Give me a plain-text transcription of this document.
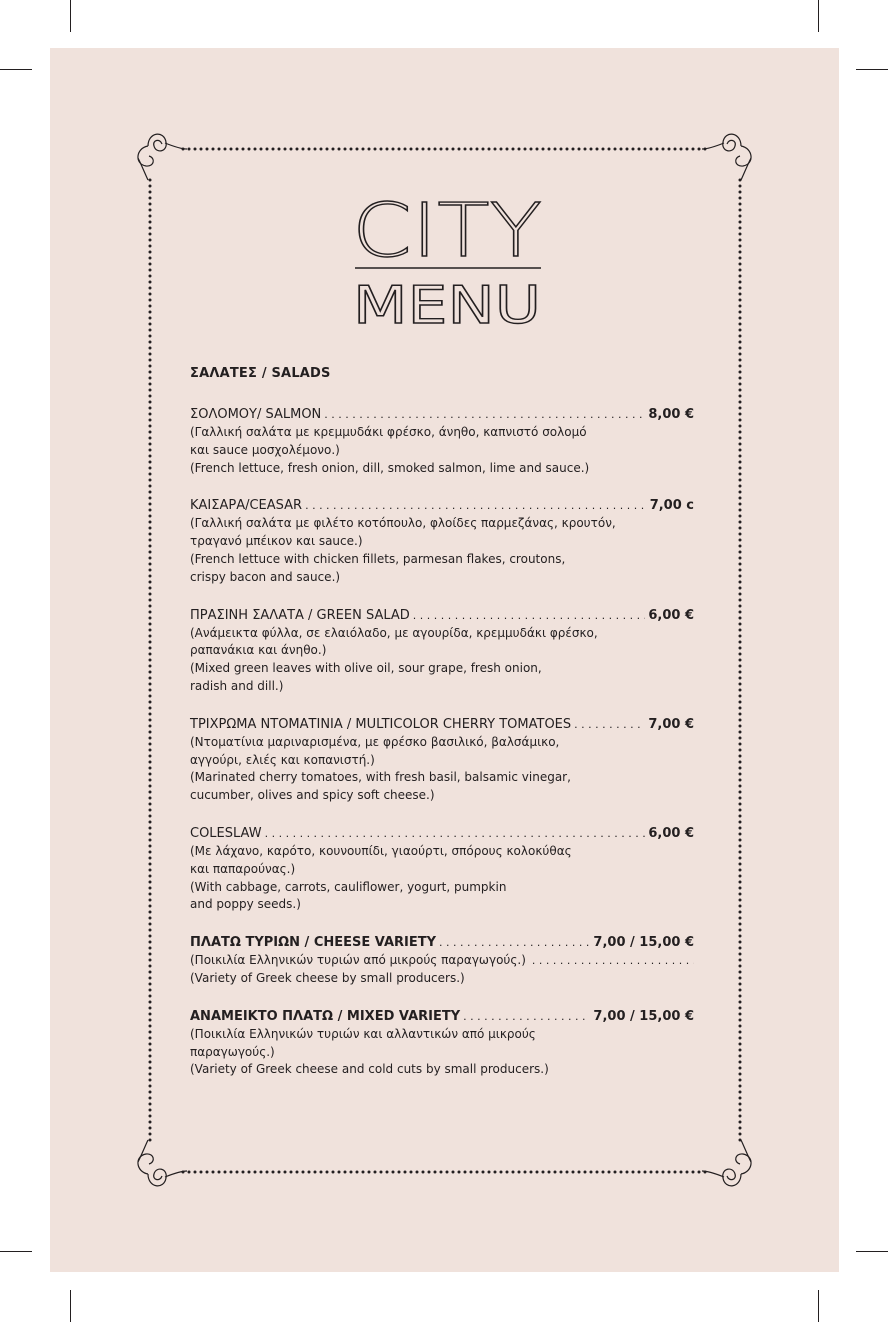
CITY
MENU
ΣΑΛΑΤΕΣ / SALADS
ΣΟΛΟΜΟΥ/ SALMON . . .	8,00 €
(Γαλλική σαλάτα με κρεμμυδάκι φρέσκο, άνηθο, καπνιστό σολομό
και sauce μοσχολέμονο.)
(French lettuce, fresh onion, dill, smoked salmon, lime and sauce.)
ΚΑΙΣΑΡΑ/CEASAR . . .	7,00 c
(Γαλλική σαλάτα με φιλέτο κοτόπουλο, φλοίδες παρμεζάνας, κρουτόν,
τραγανό μπέικον και sauce.)
(French lettuce with chicken fillets, parmesan flakes, croutons,
crispy bacon and sauce.)
ΠΡΑΣΙΝΗ ΣΑΛΑΤΑ / GREEN SALAD . . .	6,00 €
(Ανάμεικτα φύλλα, σε ελαιόλαδο, με αγουρίδα, κρεμμυδάκι φρέσκο,
ραπανάκια και άνηθο.)
(Mixed green leaves with olive oil, sour grape, fresh onion,
radish and dill.)
ΤΡΙΧΡΩΜΑ ΝΤΟΜΑΤΙΝΙΑ / MULTICOLOR CHERRY TOMATOES . . .	7,00 €
(Ντοματίνια μαριναρισμένα, με φρέσκο βασιλικό, βαλσάμικο,
αγγούρι, ελιές και κοπανιστή.)
(Marinated cherry tomatoes, with fresh basil, balsamic vinegar,
cucumber, olives and spicy soft cheese.)
COLESLAW . . .	6,00 €
(Με λάχανο, καρότο, κουνουπίδι, γιαούρτι, σπόρους κολοκύθας
και παπαρούνας.)
(With cabbage, carrots, cauliflower, yogurt, pumpkin
and poppy seeds.)
ΠΛΑΤΩ ΤΥΡΙΩΝ / CHEESE VARIETY . . .	7,00 / 15,00 €
(Ποικιλία Ελληνικών τυριών από μικρούς παραγωγούς.)
. . .
(Variety of Greek cheese by small producers.)
ΑΝΑΜΕΙΚΤΟ ΠΛΑΤΩ / MIXED VARIETY . . .	7,00 / 15,00 €
(Ποικιλία Ελληνικών τυριών και αλλαντικών από μικρούς
παραγωγούς.)
(Variety of Greek cheese and cold cuts by small producers.)
